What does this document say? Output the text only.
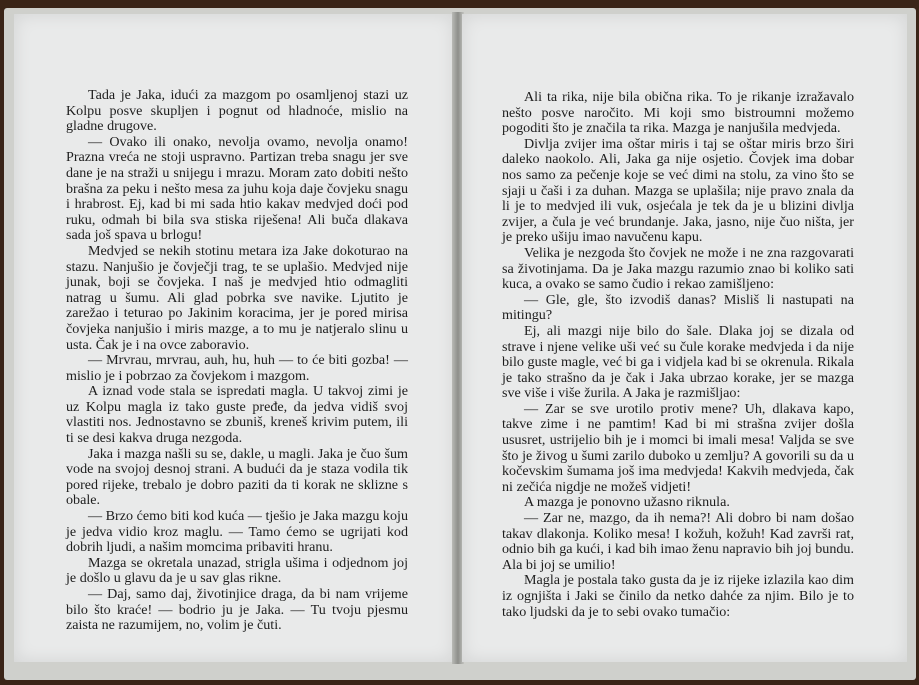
Tada je Jaka, idući za mazgom po osamljenoj stazi uz Kolpu posve skupljen i pognut od hladnoće, mislio na gladne drugove.

— Ovako ili onako, nevolja ovamo, nevolja onamo! Prazna vreća ne stoji uspravno. Partizan treba snagu jer sve dane je na straži u snijegu i mrazu. Moram zato dobiti nešto brašna za peku i nešto mesa za juhu koja daje čovjeku snagu i hrabrost. Ej, kad bi mi sada htio kakav medvjed doći pod ruku, odmah bi bila sva stiska riješena! Ali buča dlakava sada još spava u brlogu!

Medvjed se nekih stotinu metara iza Jake dokoturao na stazu. Nanjušio je čovječji trag, te se uplašio. Medvjed nije junak, boji se čovjeka. I naš je medvjed htio odmagliti natrag u šumu. Ali glad pobrka sve navike. Ljutito je zarežao i teturao po Jakinim koracima, jer je pored mirisa čovjeka nanjušio i miris mazge, a to mu je natjeralo slinu u usta. Čak je i na ovce zaboravio.

— Mrvrau, mrvrau, auh, hu, huh — to će biti gozba! — mislio je i pobrzao za čovjekom i mazgom.

A iznad vode stala se ispredati magla. U takvoj zimi je uz Kolpu magla iz tako guste pređe, da jedva vidiš svoj vlastiti nos. Jednostavno se zbuniš, kreneš krivim putem, ili ti se desi kakva druga nezgoda.

Jaka i mazga našli su se, dakle, u magli. Jaka je čuo šum vode na svojoj desnoj strani. A budući da je staza vodila tik pored rijeke, trebalo je dobro paziti da ti korak ne sklizne s obale.

— Brzo ćemo biti kod kuća — tješio je Jaka mazgu koju je jedva vidio kroz maglu. — Tamo ćemo se ugrijati kod dobrih ljudi, a našim momcima pribaviti hranu.

Mazga se okretala unazad, strigla ušima i odjednom joj je došlo u glavu da je u sav glas rikne.

— Daj, samo daj, životinjice draga, da bi nam vrijeme bilo što kraće! — bodrio ju je Jaka. — Tu tvoju pjesmu zaista ne razumijem, no, volim je čuti.

Ali ta rika, nije bila obična rika. To je rikanje izražavalo nešto posve naročito. Mi koji smo bistroumni možemo pogoditi što je značila ta rika. Mazga je nanjušila medvjeda.

Divlja zvijer ima oštar miris i taj se oštar miris brzo širi daleko naokolo. Ali, Jaka ga nije osjetio. Čovjek ima dobar nos samo za pečenje koje se već dimi na stolu, za vino što se sjaji u čaši i za duhan. Mazga se uplašila; nije pravo znala da li je to medvjed ili vuk, osjećala je tek da je u blizini divlja zvijer, a čula je već brundanje. Jaka, jasno, nije čuo ništa, jer je preko ušiju imao navučenu kapu.

Velika je nezgoda što čovjek ne može i ne zna razgovarati sa životinjama. Da je Jaka mazgu razumio znao bi koliko sati kuca, a ovako se samo čudio i rekao zamišljeno:

— Gle, gle, što izvodiš danas? Misliš li nastupati na mitingu?

Ej, ali mazgi nije bilo do šale. Dlaka joj se dizala od strave i njene velike uši već su čule korake medvjeda i da nije bilo guste magle, već bi ga i vidjela kad bi se okrenula. Rikala je tako strašno da je čak i Jaka ubrzao korake, jer se mazga sve više i više žurila. A Jaka je razmišljao:

— Zar se sve urotilo protiv mene? Uh, dlakava kapo, takve zime i ne pamtim! Kad bi mi strašna zvijer došla ususret, ustrijelio bih je i momci bi imali mesa! Valjda se sve što je živog u šumi zarilo duboko u zemlju? A govorili su da u kočevskim šumama još ima medvjeda! Kakvih medvjeda, čak ni zečića nigdje ne možeš vidjeti!

A mazga je ponovno užasno riknula.

— Zar ne, mazgo, da ih nema?! Ali dobro bi nam došao takav dlakonja. Koliko mesa! I kožuh, kožuh! Kad završi rat, odnio bih ga kući, i kad bih imao ženu napravio bih joj bundu. Ala bi joj se umilio!

Magla je postala tako gusta da je iz rijeke izlazila kao dim iz ognjišta i Jaki se činilo da netko dahće za njim. Bilo je to tako ljudski da je to sebi ovako tumačio:
